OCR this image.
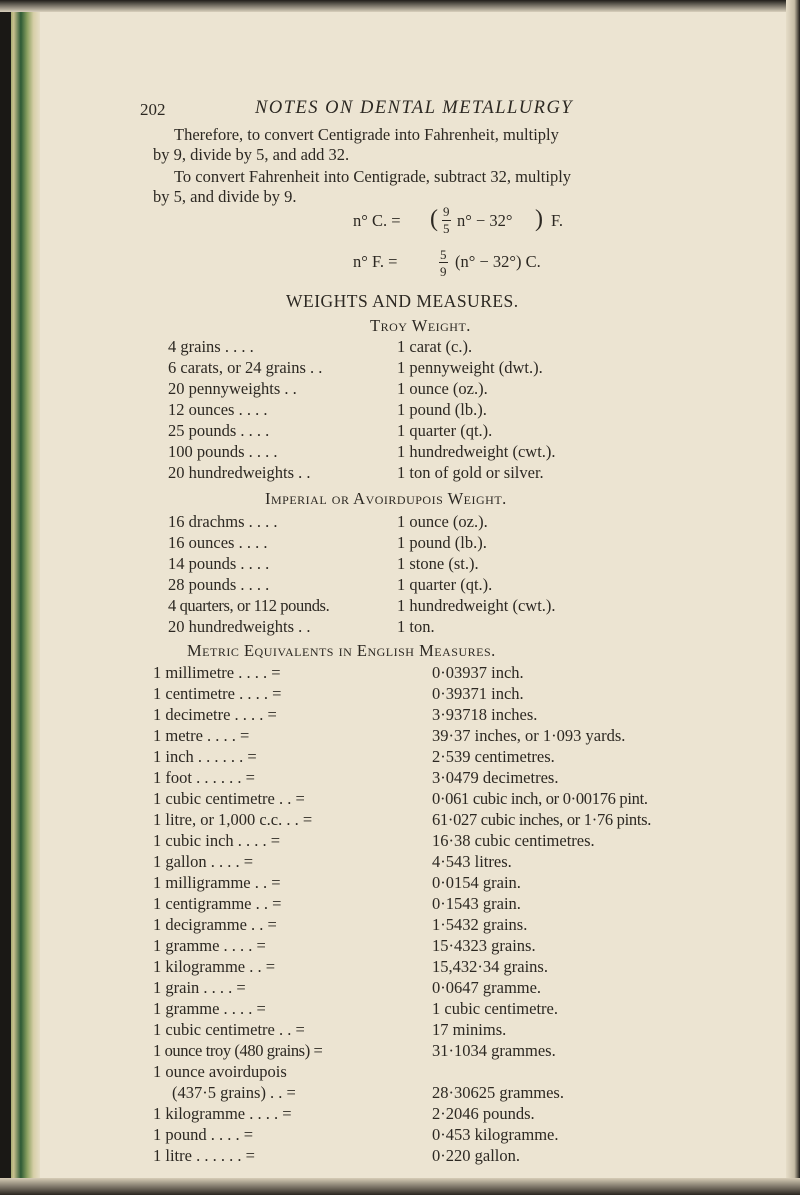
202	NOTES ON DENTAL METALLURGY
Therefore, to convert Centigrade into Fahrenheit, multiply
by 9, divide by 5, and add 32.
To convert Fahrenheit into Centigrade, subtract 32, multiply
by 5, and divide by 9.
n° C. = ( 9
5 n° − 32° ) F.
n° F. =	5
9
(n° − 32°) C.
WEIGHTS AND MEASURES.
Troy Weight.
4 grains . . . .	1 carat (c.).
6 carats, or 24 grains . .	1 pennyweight (dwt.).
20 pennyweights . .	1 ounce (oz.).
12 ounces . . . .	1 pound (lb.).
25 pounds . . . .	1 quarter (qt.).
100 pounds . . . .	1 hundredweight (cwt.).
20 hundredweights . .	1 ton of gold or silver.
Imperial or Avoirdupois Weight.
16 drachms . . . .	1 ounce (oz.).
16 ounces . . . .	1 pound (lb.).
14 pounds . . . .	1 stone (st.).
28 pounds . . . .	1 quarter (qt.).
4 quarters, or 112 pounds.	1 hundredweight (cwt.).
20 hundredweights . .	1 ton.
Metric Equivalents in English Measures.
1 millimetre . . . . =	0·03937 inch.
1 centimetre . . . . =	0·39371 inch.
1 decimetre . . . . =	3·93718 inches.
1 metre . . . . =	39·37 inches, or 1·093 yards.
1 inch . . . . . . =	2·539 centimetres.
1 foot . . . . . . =	3·0479 decimetres.
1 cubic centimetre . . =	0·061 cubic inch, or 0·00176 pint.
1 litre, or 1,000 c.c. . . =	61·027 cubic inches, or 1·76 pints.
1 cubic inch . . . . =	16·38 cubic centimetres.
1 gallon . . . . =	4·543 litres.
1 milligramme . . =	0·0154 grain.
1 centigramme . . =	0·1543 grain.
1 decigramme . . =	1·5432 grains.
1 gramme . . . . =	15·4323 grains.
1 kilogramme . . =	15,432·34 grains.
1 grain . . . . =	0·0647 gramme.
1 gramme . . . . =	1 cubic centimetre.
1 cubic centimetre . . =	17 minims.
1 ounce troy (480 grains) =	31·1034 grammes.
1 ounce avoirdupois
(437·5 grains) . . =	28·30625 grammes.
1 kilogramme . . . . =	2·2046 pounds.
1 pound . . . . =	0·453 kilogramme.
1 litre . . . . . . =	0·220 gallon.
